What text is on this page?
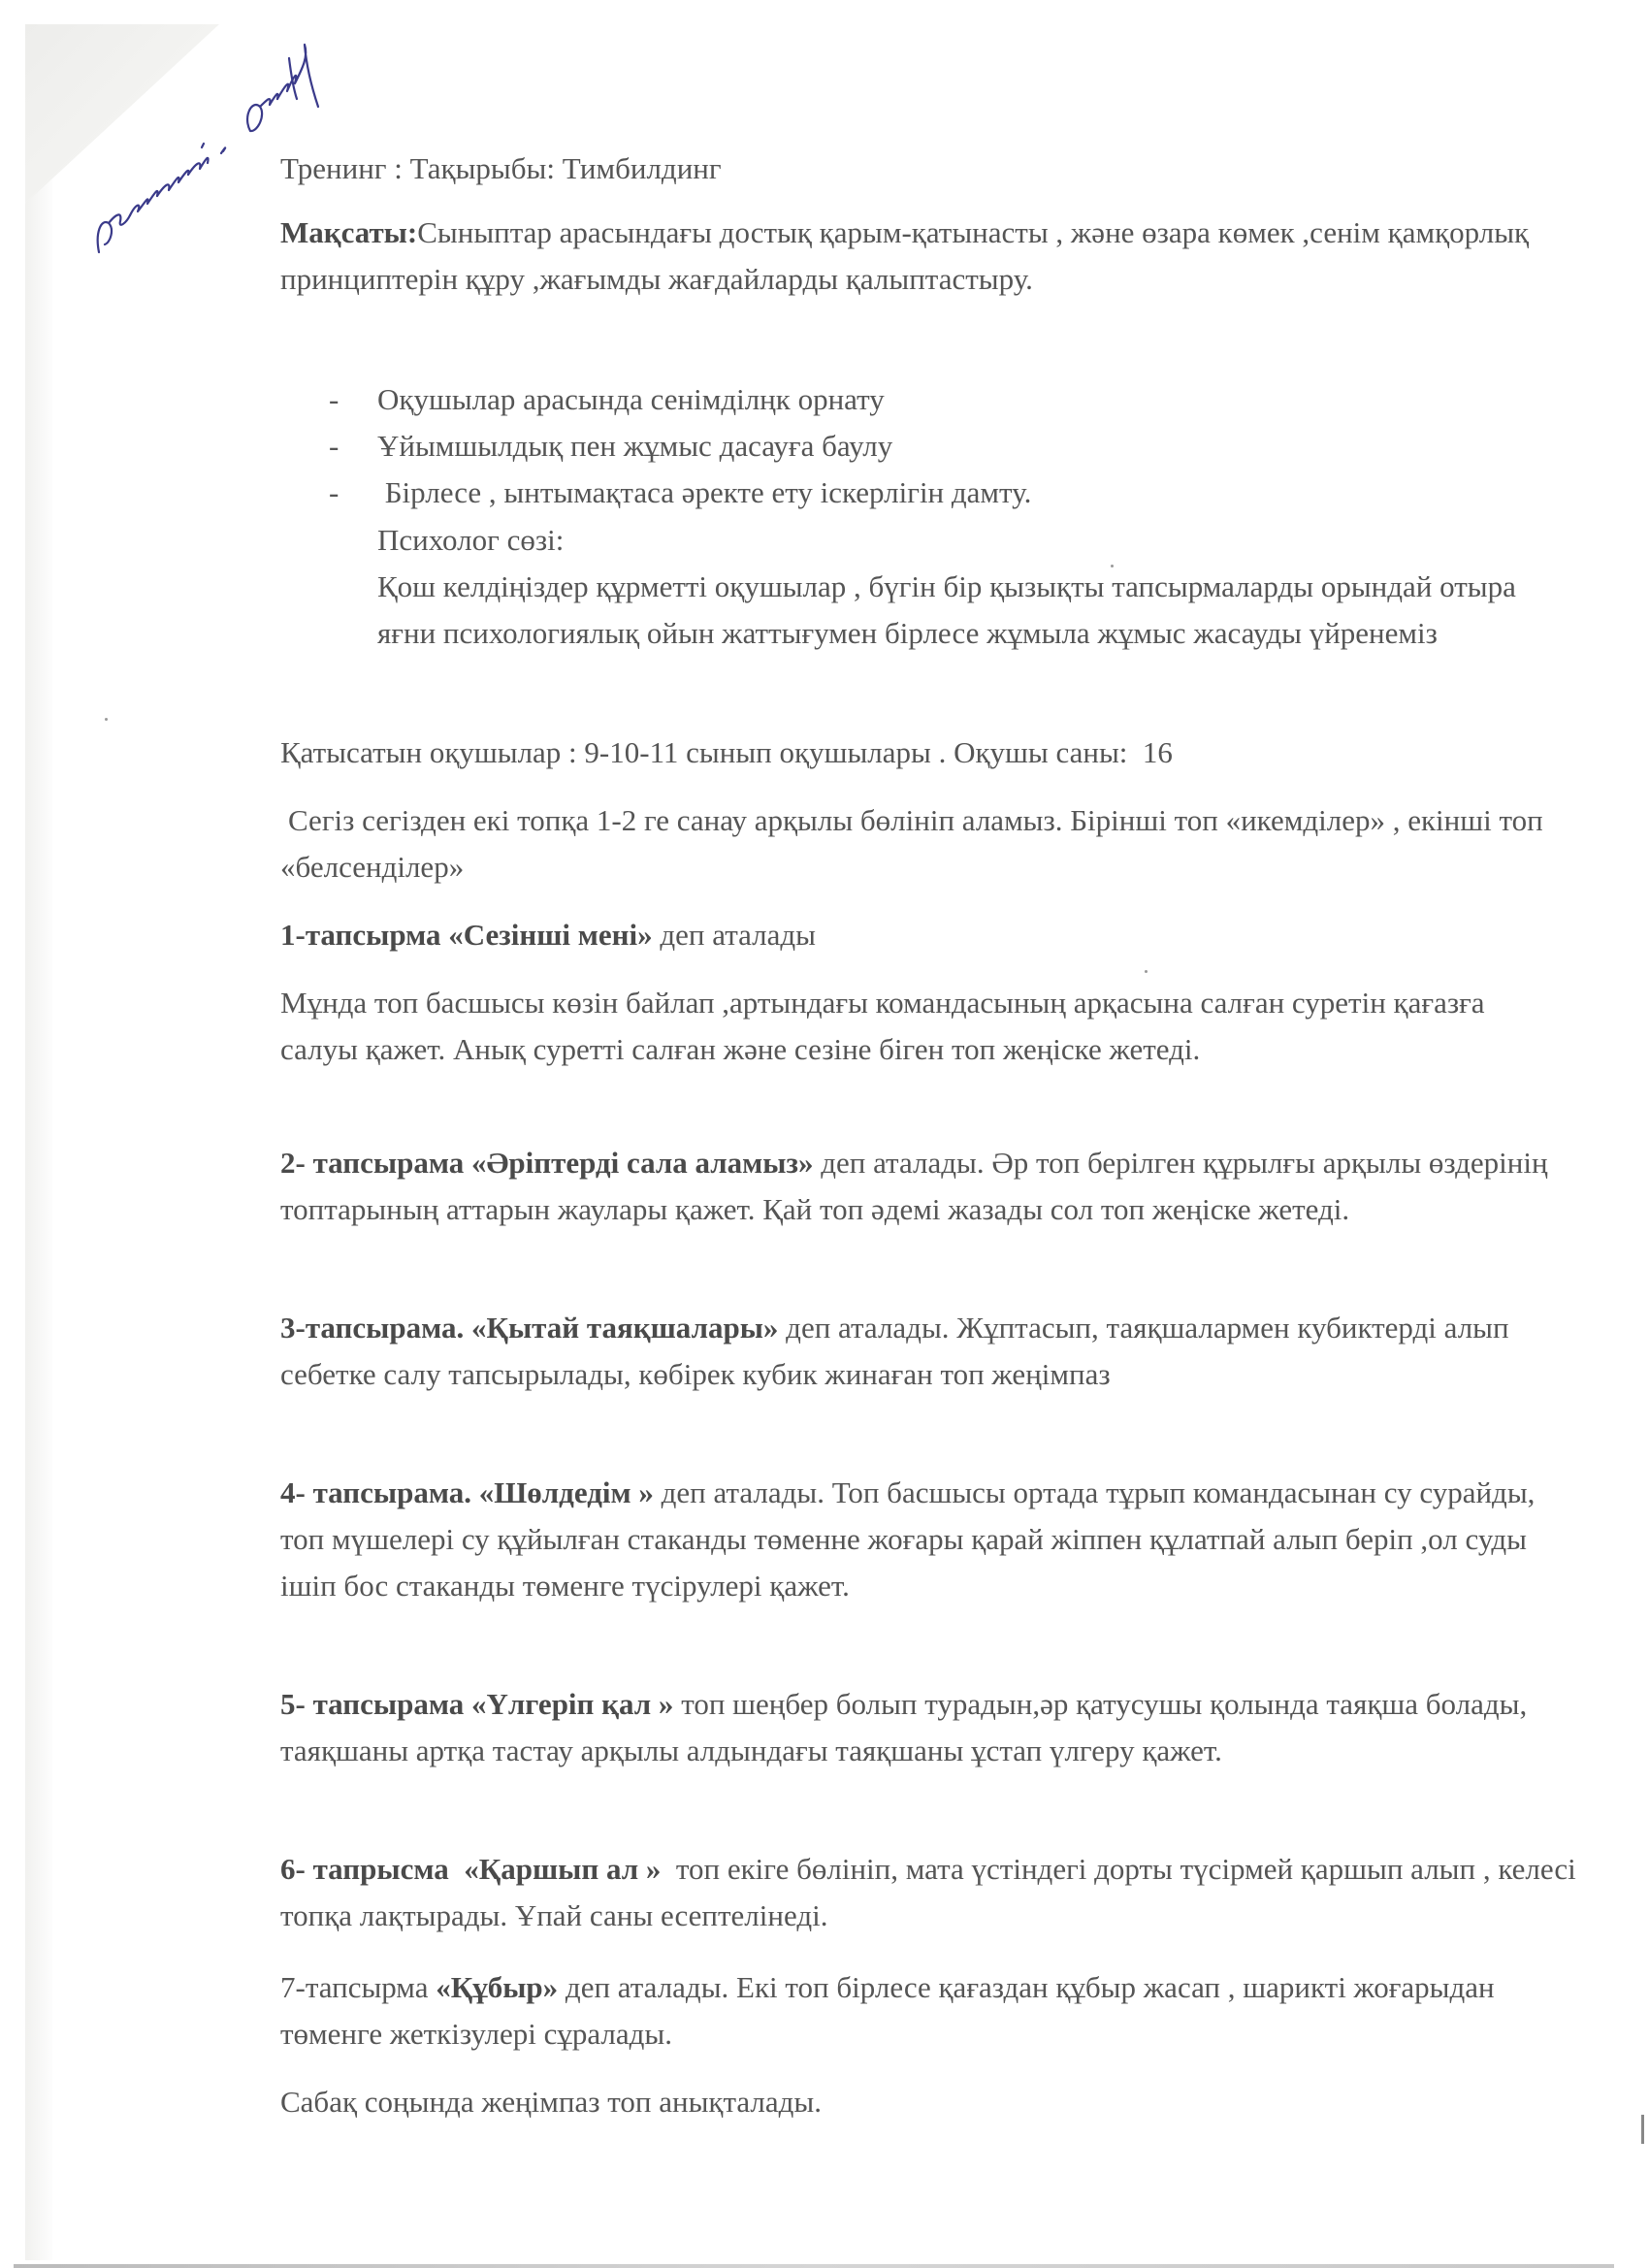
Тренинг : Тақырыбы: Тимбилдинг

Мақсаты:Сыныптар арасындағы достық қарым-қатынасты , және өзара көмек ,сенім қамқорлық принциптерін құру ,жағымды жағдайларды қалыптастыру.

- Оқушылар арасында сенімділңк орнату
- Ұйымшылдық пен жұмыс дасауға баулу
- Бірлесе , ынтымақтаса әректе ету іскерлігін дамту.

Психолог сөзі:

Қош келдіңіздер құрметті оқушылар , бүгін бір қызықты тапсырмаларды орындай отыра яғни психологиялық ойын жаттығумен бірлесе жұмыла жұмыс жасауды үйренеміз

Қатысатын оқушылар : 9-10-11 сынып оқушылары . Оқушы саны:  16

Сегіз сегізден екі топқа 1-2 ге санау арқылы бөлініп аламыз. Бірінші топ «икемділер» , екінші топ «белсенділер»

1-тапсырма «Сезінші мені» деп аталады

Мұнда топ басшысы көзін байлап ,артындағы командасының арқасына салған суретін қағазға салуы қажет. Анық суретті салған және сезіне біген топ жеңіске жетеді.

2- тапсырама «Әріптерді сала аламыз» деп аталады. Әр топ берілген құрылғы арқылы өздерінің топтарының аттарын жаулары қажет. Қай топ әдемі жазады сол топ жеңіске жетеді.

3-тапсырама. «Қытай таяқшалары» деп аталады. Жұптасып, таяқшалармен кубиктерді алып себетке салу тапсырылады, көбірек кубик жинаған топ жеңімпаз

4- тапсырама. «Шөлдедім » деп аталады. Топ басшысы ортада тұрып командасынан су сурайды, топ мүшелері су құйылған стаканды төменне жоғары қарай жіппен құлатпай алып беріп ,ол суды ішіп бос стаканды төменге түсірулері қажет.

5- тапсырама «Үлгеріп қал » топ шеңбер болып турадын,әр қатусушы қолында таяқша болады, таяқшаны артқа тастау арқылы алдындағы таяқшаны ұстап үлгеру қажет.

6- тапрысма  «Қаршып ал »  топ екіге бөлініп, мата үстіндегі дорты түсірмей қаршып алып , келесі топқа лақтырады. Ұпай саны есептелінеді.

7-тапсырма «Құбыр» деп аталады. Екі топ бірлесе қағаздан құбыр жасап , шарикті жоғарыдан төменге жеткізулері сұралады.

Сабақ соңында жеңімпаз топ анықталады.
